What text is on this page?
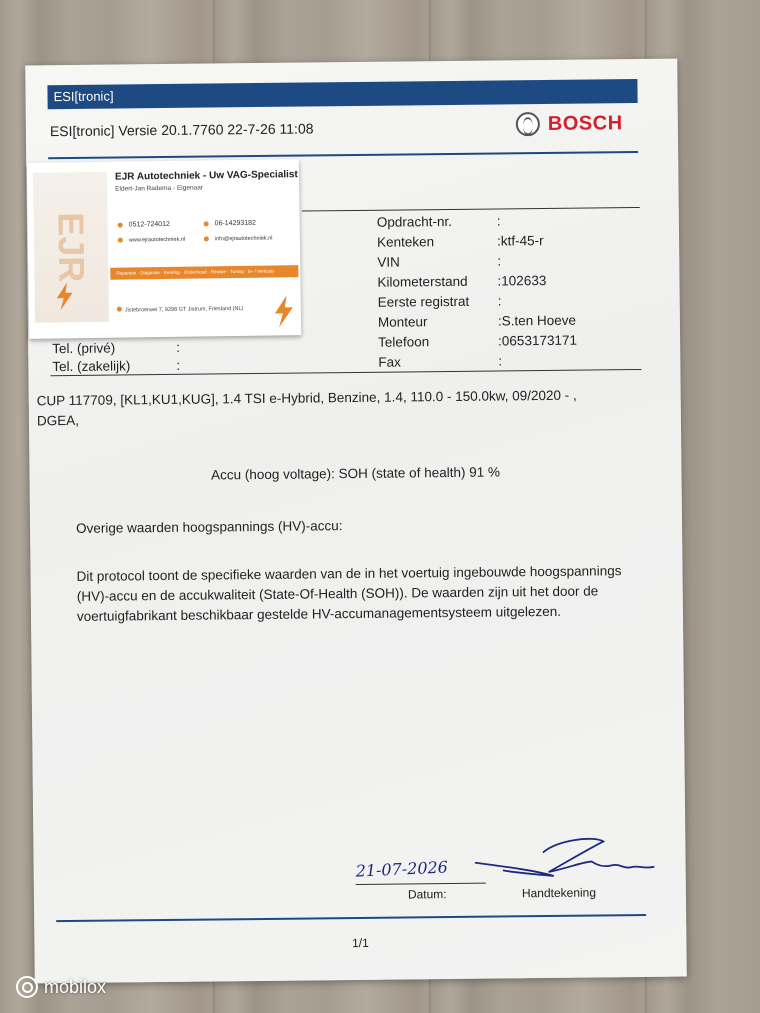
ESI[tronic]
ESI[tronic] Versie 20.1.7760 22-7-26 11:08	BOSCH
Opdracht-nr.	:
Kenteken	:ktf-45-r
VIN	:
Kilometerstand :102633
Eerste registrat :
Monteur	:S.ten Hoeve
Telefoon	:0653173171
Fax	:
Tel. (privé)	:
Tel. (zakelijk)	:
CUP 117709, [KL1,KU1,KUG], 1.4 TSI e-Hybrid, Benzine, 1.4, 110.0 - 150.0kw, 09/2020 - ,
DGEA,
Accu (hoog voltage): SOH (state of health) 91 %
Overige waarden hoogspannings (HV)-accu:
Dit protocol toont de specifieke waarden van de in het voertuig ingebouwde hoogspannings
(HV)-accu en de accukwaliteit (State-Of-Health (SOH)). De waarden zijn uit het door de
voertuigfabrikant beschikbaar gestelde HV-accumanagementsysteem uitgelezen.
21-07-2026
Datum:	Handtekening
1/1
EJR
EJR Autotechniek - Uw VAG-Specialist
Eldert-Jan Radema - Eigenaar
0512-724012	06-14293182
www.ejrautotechniek.nl	info@ejrautotechniek.nl
Reparatie · Diagnose · Keuring · Onderhoud · Revisie · Tuning · In- / Verkoop
Jistebroerwei 7, 9298 GT Jistrum, Friesland (NL)
mobilox
